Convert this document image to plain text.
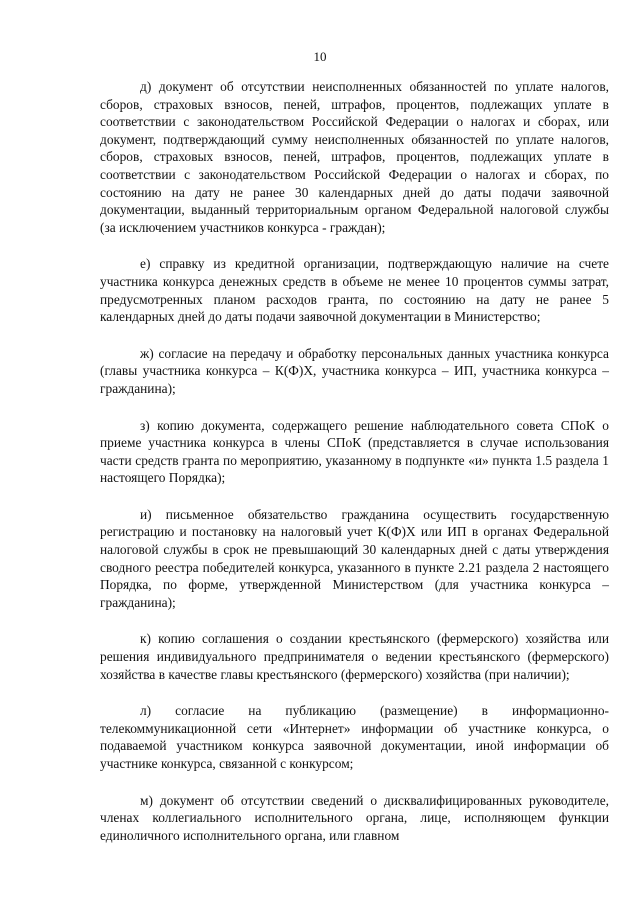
10

д) документ об отсутствии неисполненных обязанностей по уплате налогов, сборов, страховых взносов, пеней, штрафов, процентов, подлежащих уплате в соответствии с законодательством Российской Федерации о налогах и сборах, или документ, подтверждающий сумму неисполненных обязанностей по уплате налогов, сборов, страховых взносов, пеней, штрафов, процентов, подлежащих уплате в соответствии с законодательством Российской Федерации о налогах и сборах, по состоянию на дату не ранее 30 календарных дней до даты подачи заявочной документации, выданный территориальным органом Федеральной налоговой службы (за исключением участников конкурса - граждан);

е) справку из кредитной организации, подтверждающую наличие на счете участника конкурса денежных средств в объеме не менее 10 процентов суммы затрат, предусмотренных планом расходов гранта, по состоянию на дату не ранее 5 календарных дней до даты подачи заявочной документации в Министерство;

ж) согласие на передачу и обработку персональных данных участника конкурса (главы участника конкурса – К(Ф)Х, участника конкурса – ИП, участника конкурса – гражданина);

з) копию документа, содержащего решение наблюдательного совета СПоК о приеме участника конкурса в члены СПоК (представляется в случае использования части средств гранта по мероприятию, указанному в подпункте «и» пункта 1.5 раздела 1 настоящего Порядка);

и) письменное обязательство гражданина осуществить государственную регистрацию и постановку на налоговый учет К(Ф)Х или ИП в органах Федеральной налоговой службы в срок не превышающий 30 календарных дней с даты утверждения сводного реестра победителей конкурса, указанного в пункте 2.21 раздела 2 настоящего Порядка, по форме, утвержденной Министерством (для участника конкурса – гражданина);

к) копию соглашения о создании крестьянского (фермерского) хозяйства или решения индивидуального предпринимателя о ведении крестьянского (фермерского) хозяйства в качестве главы крестьянского (фермерского) хозяйства (при наличии);

л) согласие на публикацию (размещение) в информационно-телекоммуникационной сети «Интернет» информации об участнике конкурса, о подаваемой участником конкурса заявочной документации, иной информации об участнике конкурса, связанной с конкурсом;

м) документ об отсутствии сведений о дисквалифицированных руководителе, членах коллегиального исполнительного органа, лице, исполняющем функции единоличного исполнительного органа, или главном
